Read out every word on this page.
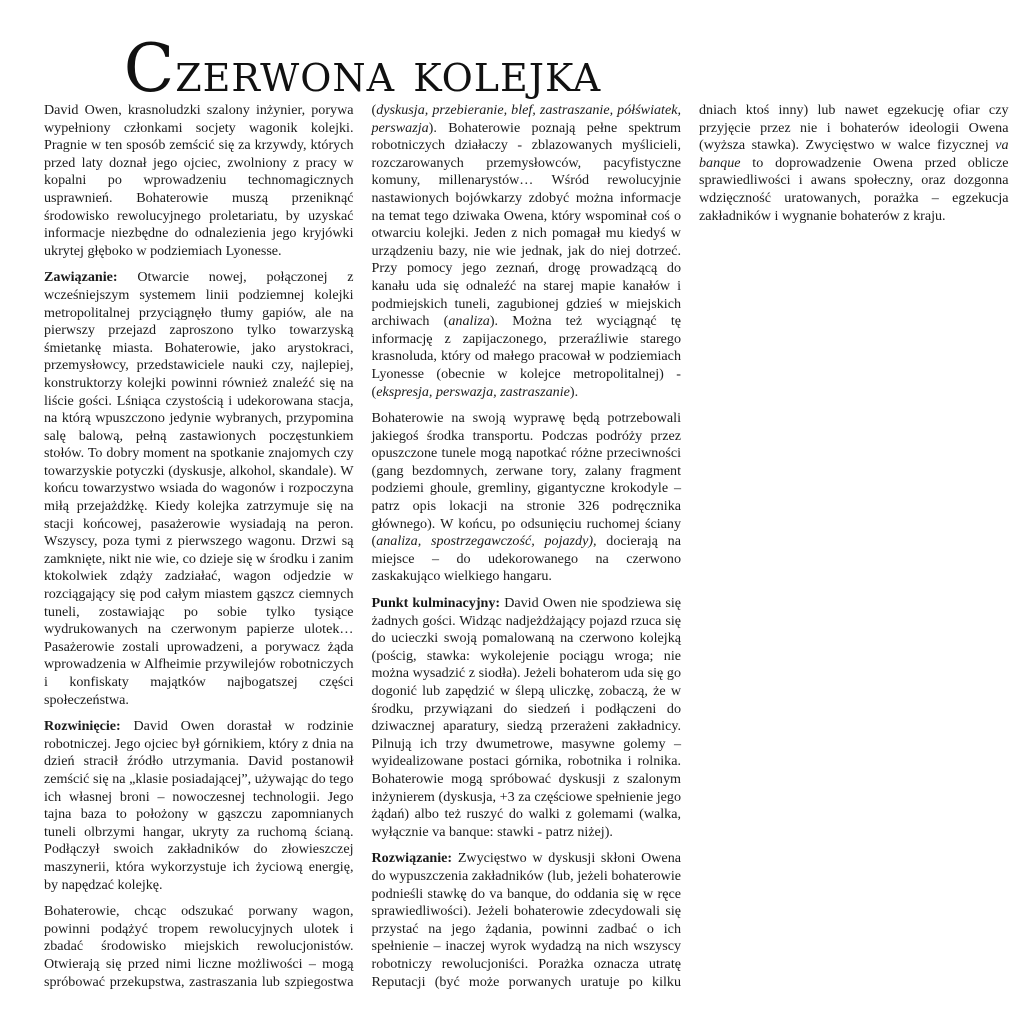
Czerwona kolejka

David Owen, krasnoludzki szalony inżynier, porywa wypełniony członkami socjety wagonik kolejki. Pragnie w ten sposób zemścić się za krzywdy, których przed laty doznał jego ojciec, zwolniony z pracy w kopalni po wprowadzeniu technomagicznych usprawnień. Bohaterowie muszą przeniknąć środowisko rewolucyjnego proletariatu, by uzyskać informacje niezbędne do odnalezienia jego kryjówki ukrytej głęboko w podziemiach Lyonesse.

Zawiązanie: Otwarcie nowej, połączonej z wcześniejszym systemem linii podziemnej kolejki metropolitalnej przyciągnęło tłumy gapiów, ale na pierwszy przejazd zaproszono tylko towarzyską śmietankę miasta. Bohaterowie, jako arystokraci, przemysłowcy, przedstawiciele nauki czy, najlepiej, konstruktorzy kolejki powinni również znaleźć się na liście gości. Lśniąca czystością i udekorowana stacja, na którą wpuszczono jedynie wybranych, przypomina salę balową, pełną zastawionych poczęstunkiem stołów. To dobry moment na spotkanie znajomych czy towarzyskie potyczki (dyskusje, alkohol, skandale). W końcu towarzystwo wsiada do wagonów i rozpoczyna miłą przejażdżkę. Kiedy kolejka zatrzymuje się na stacji końcowej, pasażerowie wysiadają na peron. Wszyscy, poza tymi z pierwszego wagonu. Drzwi są zamknięte, nikt nie wie, co dzieje się w środku i zanim ktokolwiek zdąży zadziałać, wagon odjedzie w rozciągający się pod całym miastem gąszcz ciemnych tuneli, zostawiając po sobie tylko tysiące wydrukowanych na czerwonym papierze ulotek… Pasażerowie zostali uprowadzeni, a porywacz żąda wprowadzenia w Alfheimie przywilejów robotniczych i konfiskaty majątków najbogatszej części społeczeństwa.

Rozwinięcie: David Owen dorastał w rodzinie robotniczej. Jego ojciec był górnikiem, który z dnia na dzień stracił źródło utrzymania. David postanowił zemścić się na „klasie posiadającej”, używając do tego ich własnej broni – nowoczesnej technologii. Jego tajna baza to położony w gąszczu zapomnianych tuneli olbrzymi hangar, ukryty za ruchomą ścianą. Podłączył swoich zakładników do złowieszczej maszynerii, która wykorzystuje ich życiową energię, by napędzać kolejkę.

Bohaterowie, chcąc odszukać porwany wagon, powinni podążyć tropem rewolucyjnych ulotek i zbadać środowisko miejskich rewolucjonistów. Otwierają się przed nimi liczne możliwości – mogą spróbować przekupstwa, zastraszania lub szpiegostwa (dyskusja, przebieranie, blef, zastraszanie, półświatek, perswazja). Bohaterowie poznają pełne spektrum robotniczych działaczy - zblazowanych myślicieli, rozczarowanych przemysłowców, pacyfistyczne komuny, millenarystów… Wśród rewolucyjnie nastawionych bojówkarzy zdobyć można informacje na temat tego dziwaka Owena, który wspominał coś o otwarciu kolejki. Jeden z nich pomagał mu kiedyś w urządzeniu bazy, nie wie jednak, jak do niej dotrzeć. Przy pomocy jego zeznań, drogę prowadzącą do kanału uda się odnaleźć na starej mapie kanałów i podmiejskich tuneli, zagubionej gdzieś w miejskich archiwach (analiza). Można też wyciągnąć tę informację z zapijaczonego, przeraźliwie starego krasnoluda, który od małego pracował w podziemiach Lyonesse (obecnie w kolejce metropolitalnej) - (ekspresja, perswazja, zastraszanie).

Bohaterowie na swoją wyprawę będą potrzebowali jakiegoś środka transportu. Podczas podróży przez opuszczone tunele mogą napotkać różne przeciwności (gang bezdomnych, zerwane tory, zalany fragment podziemi ghoule, gremliny, gigantyczne krokodyle – patrz opis lokacji na stronie 326 podręcznika głównego). W końcu, po odsunięciu ruchomej ściany (analiza, spostrzegawczość, pojazdy), docierają na miejsce – do udekorowanego na czerwono zaskakująco wielkiego hangaru.

Punkt kulminacyjny: David Owen nie spodziewa się żadnych gości. Widząc nadjeżdżający pojazd rzuca się do ucieczki swoją pomalowaną na czerwono kolejką (pościg, stawka: wykolejenie pociągu wroga; nie można wysadzić z siodła). Jeżeli bohaterom uda się go dogonić lub zapędzić w ślepą uliczkę, zobaczą, że w środku, przywiązani do siedzeń i podłączeni do dziwacznej aparatury, siedzą przerażeni zakładnicy. Pilnują ich trzy dwumetrowe, masywne golemy – wyidealizowane postaci górnika, robotnika i rolnika. Bohaterowie mogą spróbować dyskusji z szalonym inżynierem (dyskusja, +3 za częściowe spełnienie jego żądań) albo też ruszyć do walki z golemami (walka, wyłącznie va banque: stawki - patrz niżej).

Rozwiązanie: Zwycięstwo w dyskusji skłoni Owena do wypuszczenia zakładników (lub, jeżeli bohaterowie podnieśli stawkę do va banque, do oddania się w ręce sprawiedliwości). Jeżeli bohaterowie zdecydowali się przystać na jego żądania, powinni zadbać o ich spełnienie – inaczej wyrok wydadzą na nich wszyscy robotniczy rewolucjoniści. Porażka oznacza utratę Reputacji (być może porwanych uratuje po kilku dniach ktoś inny) lub nawet egzekucję ofiar czy przyjęcie przez nie i bohaterów ideologii Owena (wyższa stawka). Zwycięstwo w walce fizycznej va banque to doprowadzenie Owena przed oblicze sprawiedliwości i awans społeczny, oraz dozgonna wdzięczność uratowanych, porażka – egzekucja zakładników i wygnanie bohaterów z kraju.
